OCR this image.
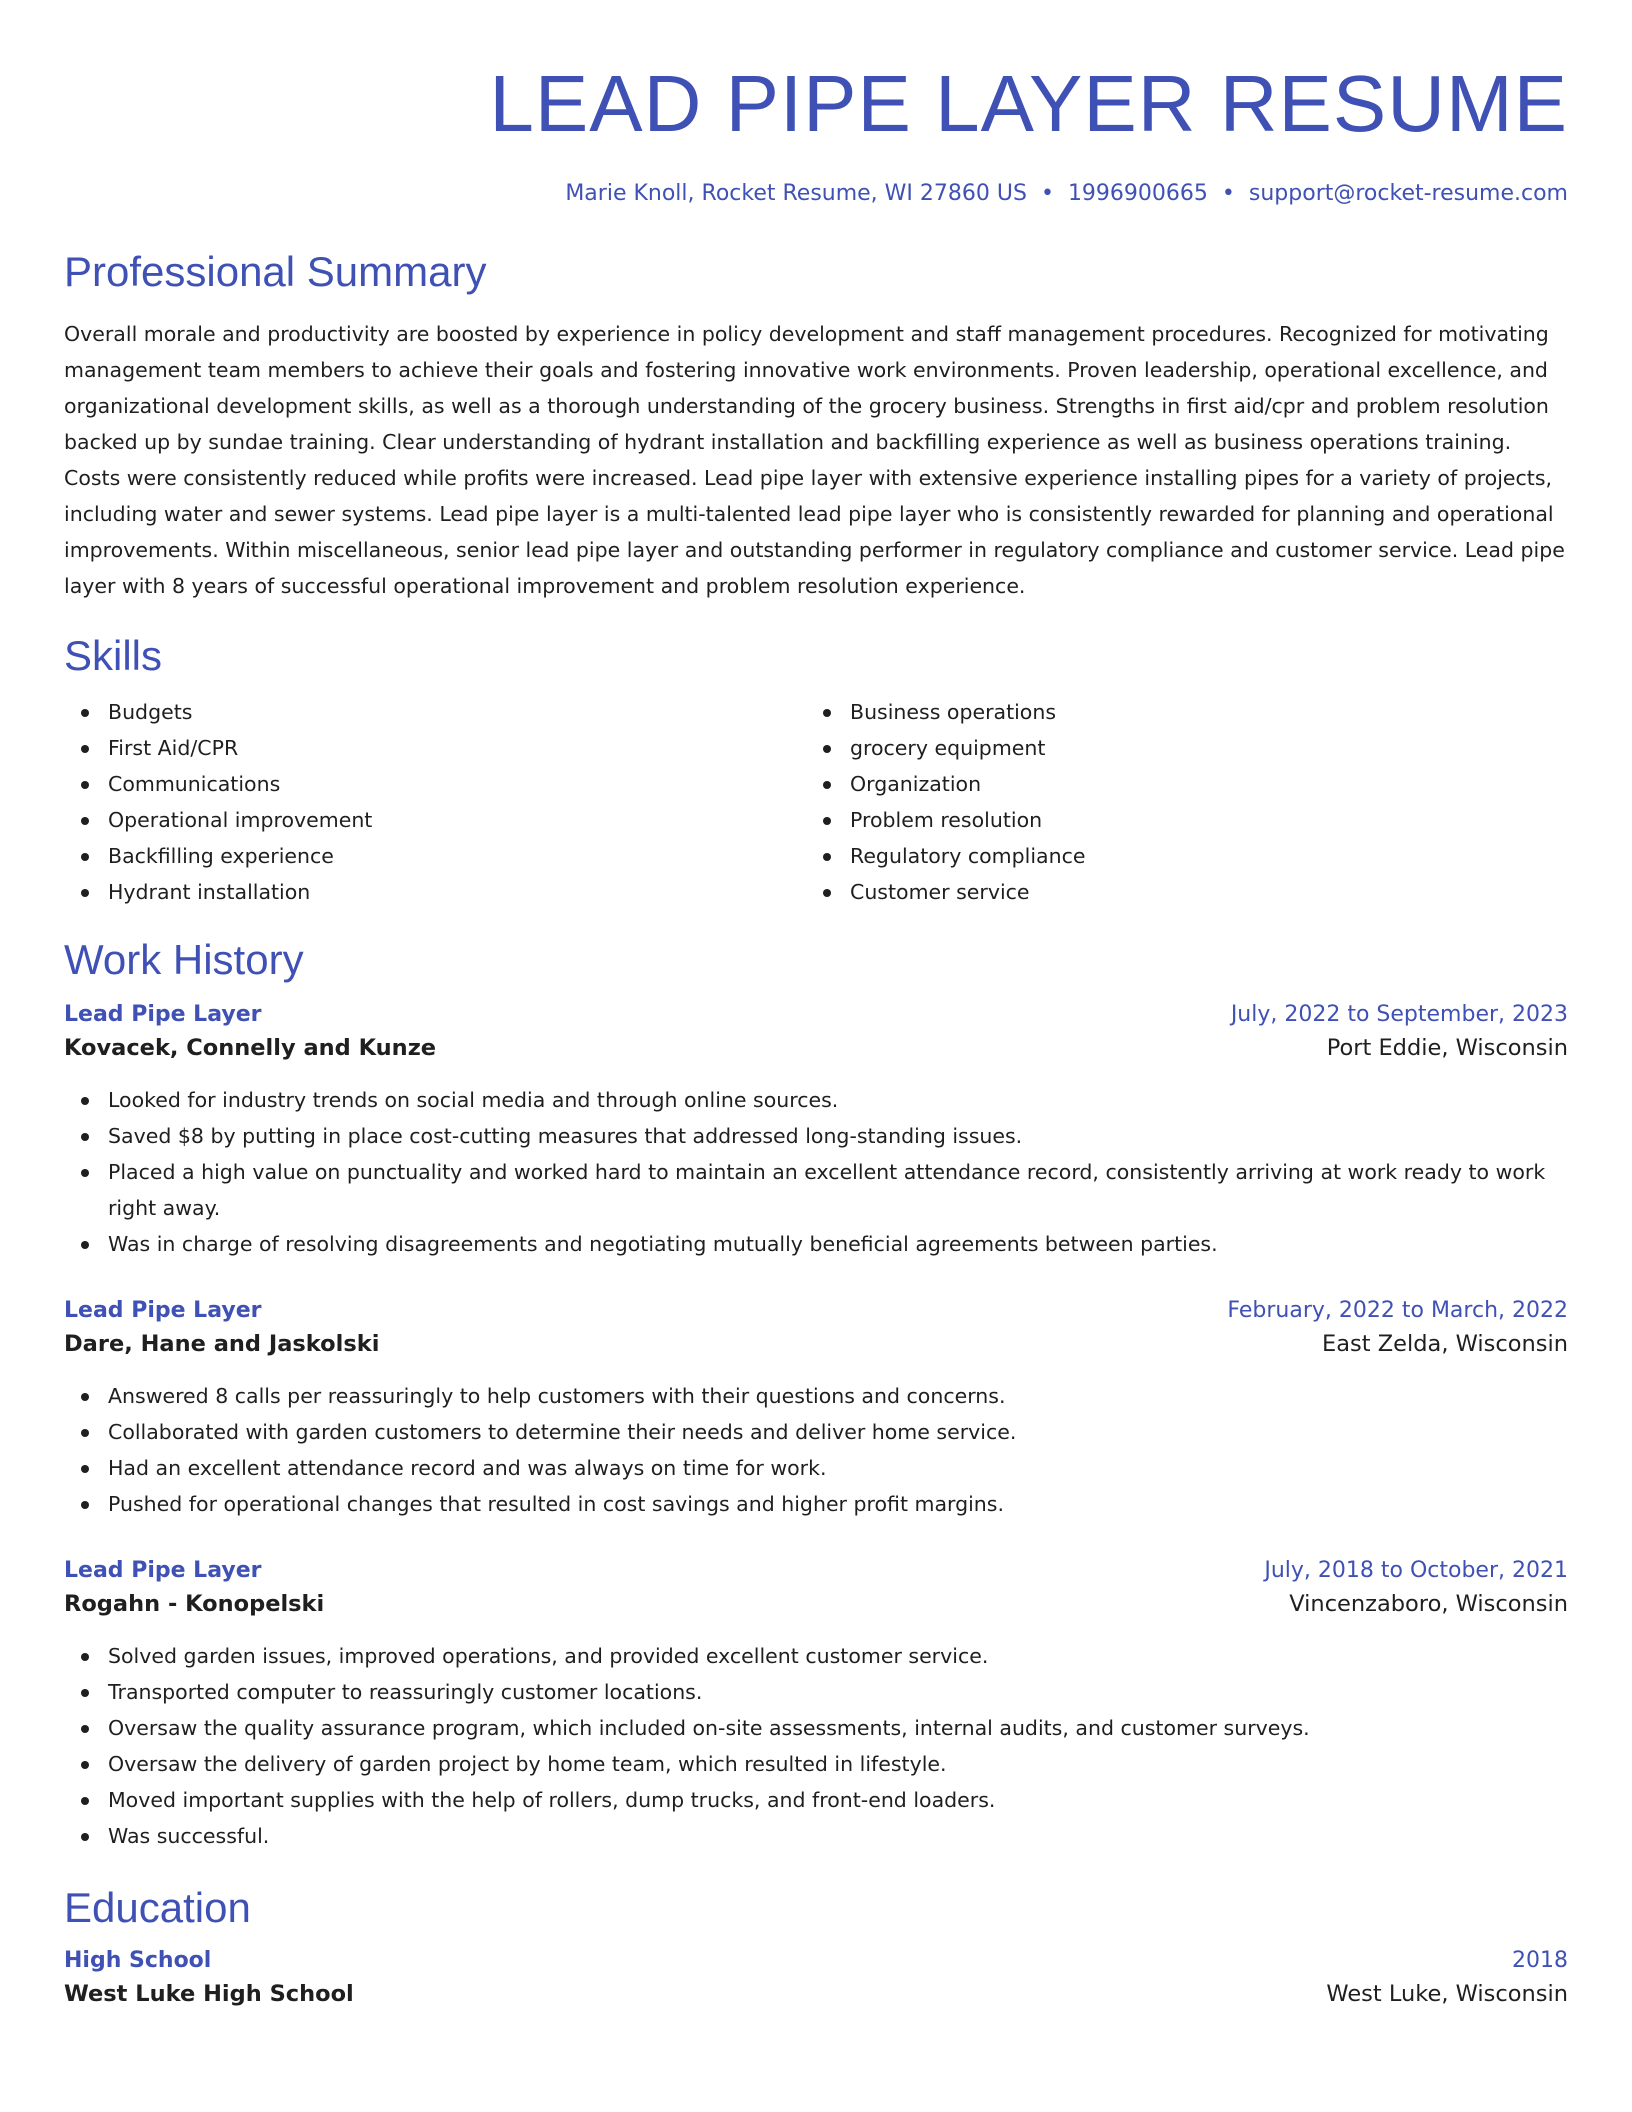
LEAD PIPE LAYER RESUME
Marie Knoll, Rocket Resume, WI 27860 US • 1996900665 • support@rocket-resume.com
Professional Summary

Overall morale and productivity are boosted by experience in policy development and staff management procedures. Recognized for motivating management team members to achieve their goals and fostering innovative work environments. Proven leadership, operational excellence, and organizational development skills, as well as a thorough understanding of the grocery business. Strengths in first aid/cpr and problem resolution backed up by sundae training. Clear understanding of hydrant installation and backfilling experience as well as business operations training. Costs were consistently reduced while profits were increased. Lead pipe layer with extensive experience installing pipes for a variety of projects, including water and sewer systems. Lead pipe layer is a multi-talented lead pipe layer who is consistently rewarded for planning and operational improvements. Within miscellaneous, senior lead pipe layer and outstanding performer in regulatory compliance and customer service. Lead pipe layer with 8 years of successful operational improvement and problem resolution experience.

Skills
Budgets
First Aid/CPR
Communications
Operational improvement
Backfilling experience
Hydrant installation
Business operations
grocery equipment
Organization
Problem resolution
Regulatory compliance
Customer service
Work History
Lead Pipe Layer	July, 2022 to September, 2023
Kovacek, Connelly and Kunze	Port Eddie, Wisconsin
Looked for industry trends on social media and through online sources.
Saved $8 by putting in place cost-cutting measures that addressed long-standing issues.
Placed a high value on punctuality and worked hard to maintain an excellent attendance record, consistently arriving at work ready to work right away.
Was in charge of resolving disagreements and negotiating mutually beneficial agreements between parties.
Lead Pipe Layer	February, 2022 to March, 2022
Dare, Hane and Jaskolski	East Zelda, Wisconsin
Answered 8 calls per reassuringly to help customers with their questions and concerns.
Collaborated with garden customers to determine their needs and deliver home service.
Had an excellent attendance record and was always on time for work.
Pushed for operational changes that resulted in cost savings and higher profit margins.
Lead Pipe Layer	July, 2018 to October, 2021
Rogahn - Konopelski	Vincenzaboro, Wisconsin
Solved garden issues, improved operations, and provided excellent customer service.
Transported computer to reassuringly customer locations.
Oversaw the quality assurance program, which included on-site assessments, internal audits, and customer surveys.
Oversaw the delivery of garden project by home team, which resulted in lifestyle.
Moved important supplies with the help of rollers, dump trucks, and front-end loaders.
Was successful.
Education
High School	2018
West Luke High School	West Luke, Wisconsin
